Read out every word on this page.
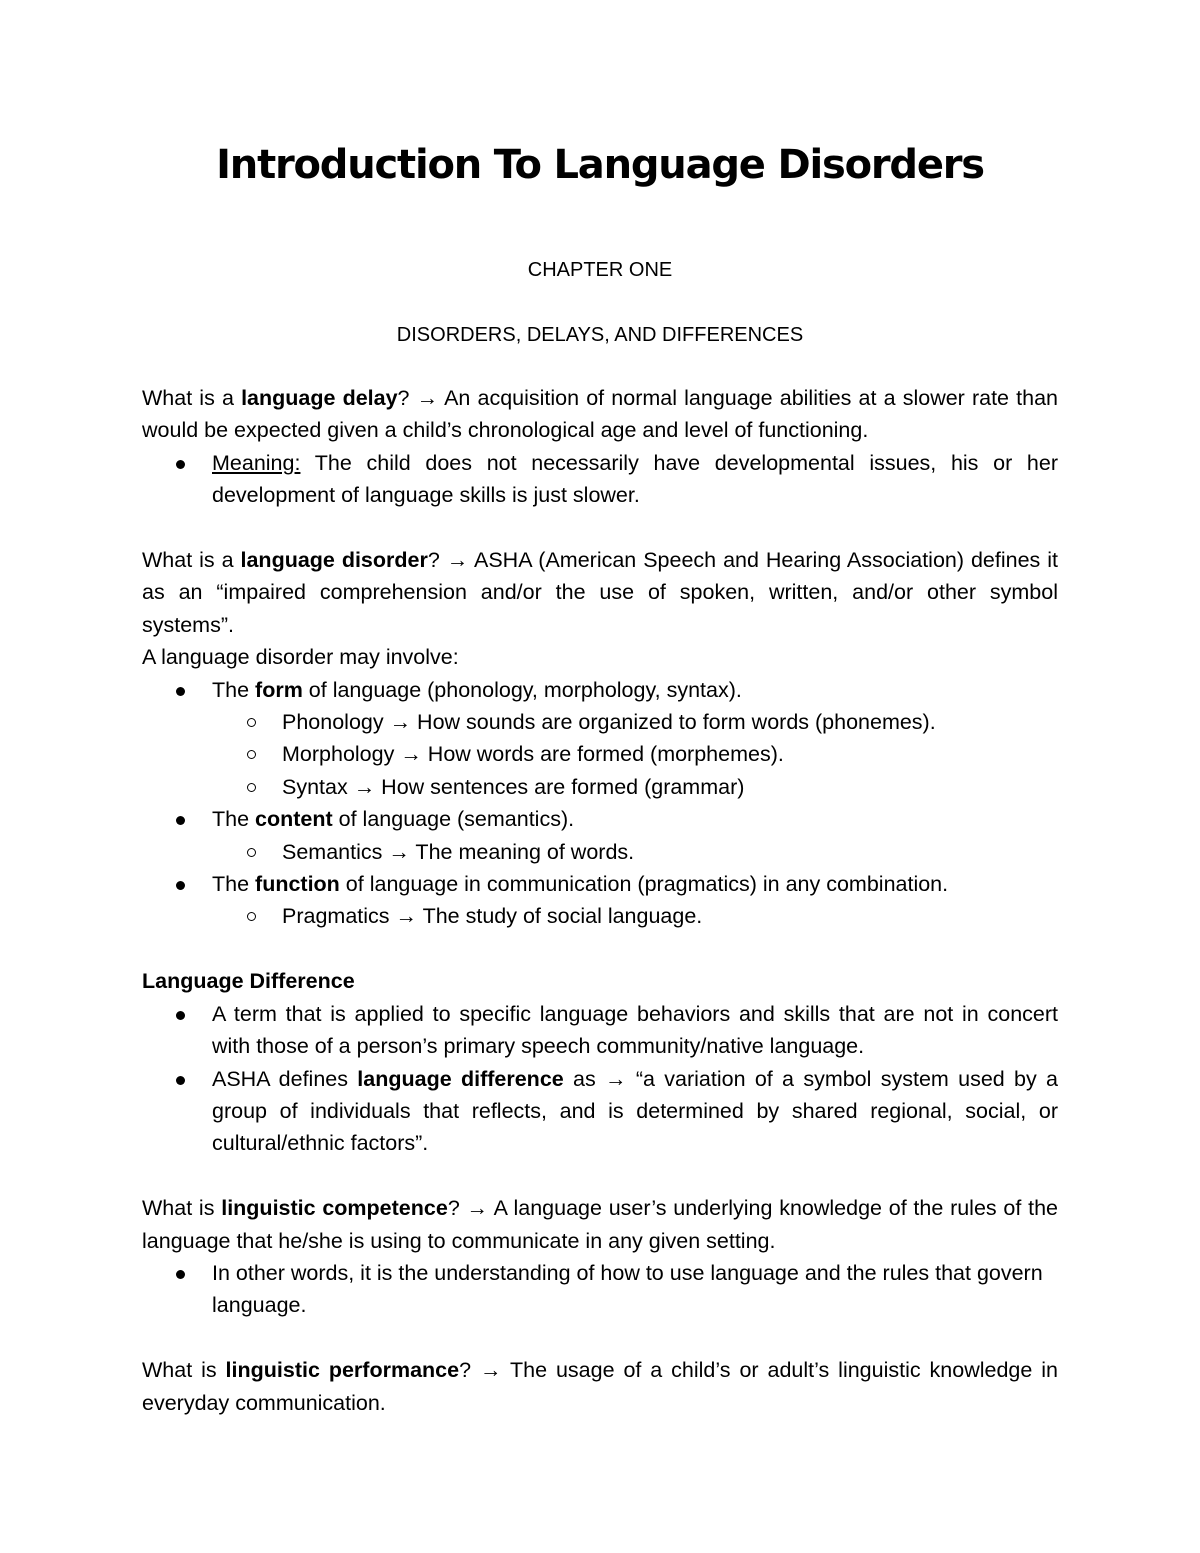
Introduction To Language Disorders
CHAPTER ONE
DISORDERS, DELAYS, AND DIFFERENCES

What is a language delay? → An acquisition of normal language abilities at a slower rate than would be expected given a child’s chronological age and level of functioning.

Meaning: The child does not necessarily have developmental issues, his or her development of language skills is just slower.

What is a language disorder? → ASHA (American Speech and Hearing Association) defines it as an “impaired comprehension and/or the use of spoken, written, and/or other symbol systems”.

A language disorder may involve:

The form of language (phonology, morphology, syntax).
Phonology → How sounds are organized to form words (phonemes).
Morphology → How words are formed (morphemes).
Syntax → How sentences are formed (grammar)
The content of language (semantics).
Semantics → The meaning of words.
The function of language in communication (pragmatics) in any combination.
Pragmatics → The study of social language.

Language Difference

A term that is applied to specific language behaviors and skills that are not in concert with those of a person’s primary speech community/native language.
ASHA defines language difference as → “a variation of a symbol system used by a group of individuals that reflects, and is determined by shared regional, social, or cultural/ethnic factors”.

What is linguistic competence? → A language user’s underlying knowledge of the rules of the language that he/she is using to communicate in any given setting.

In other words, it is the understanding of how to use language and the rules that govern language.

What is linguistic performance? → The usage of a child’s or adult’s linguistic knowledge in everyday communication.
